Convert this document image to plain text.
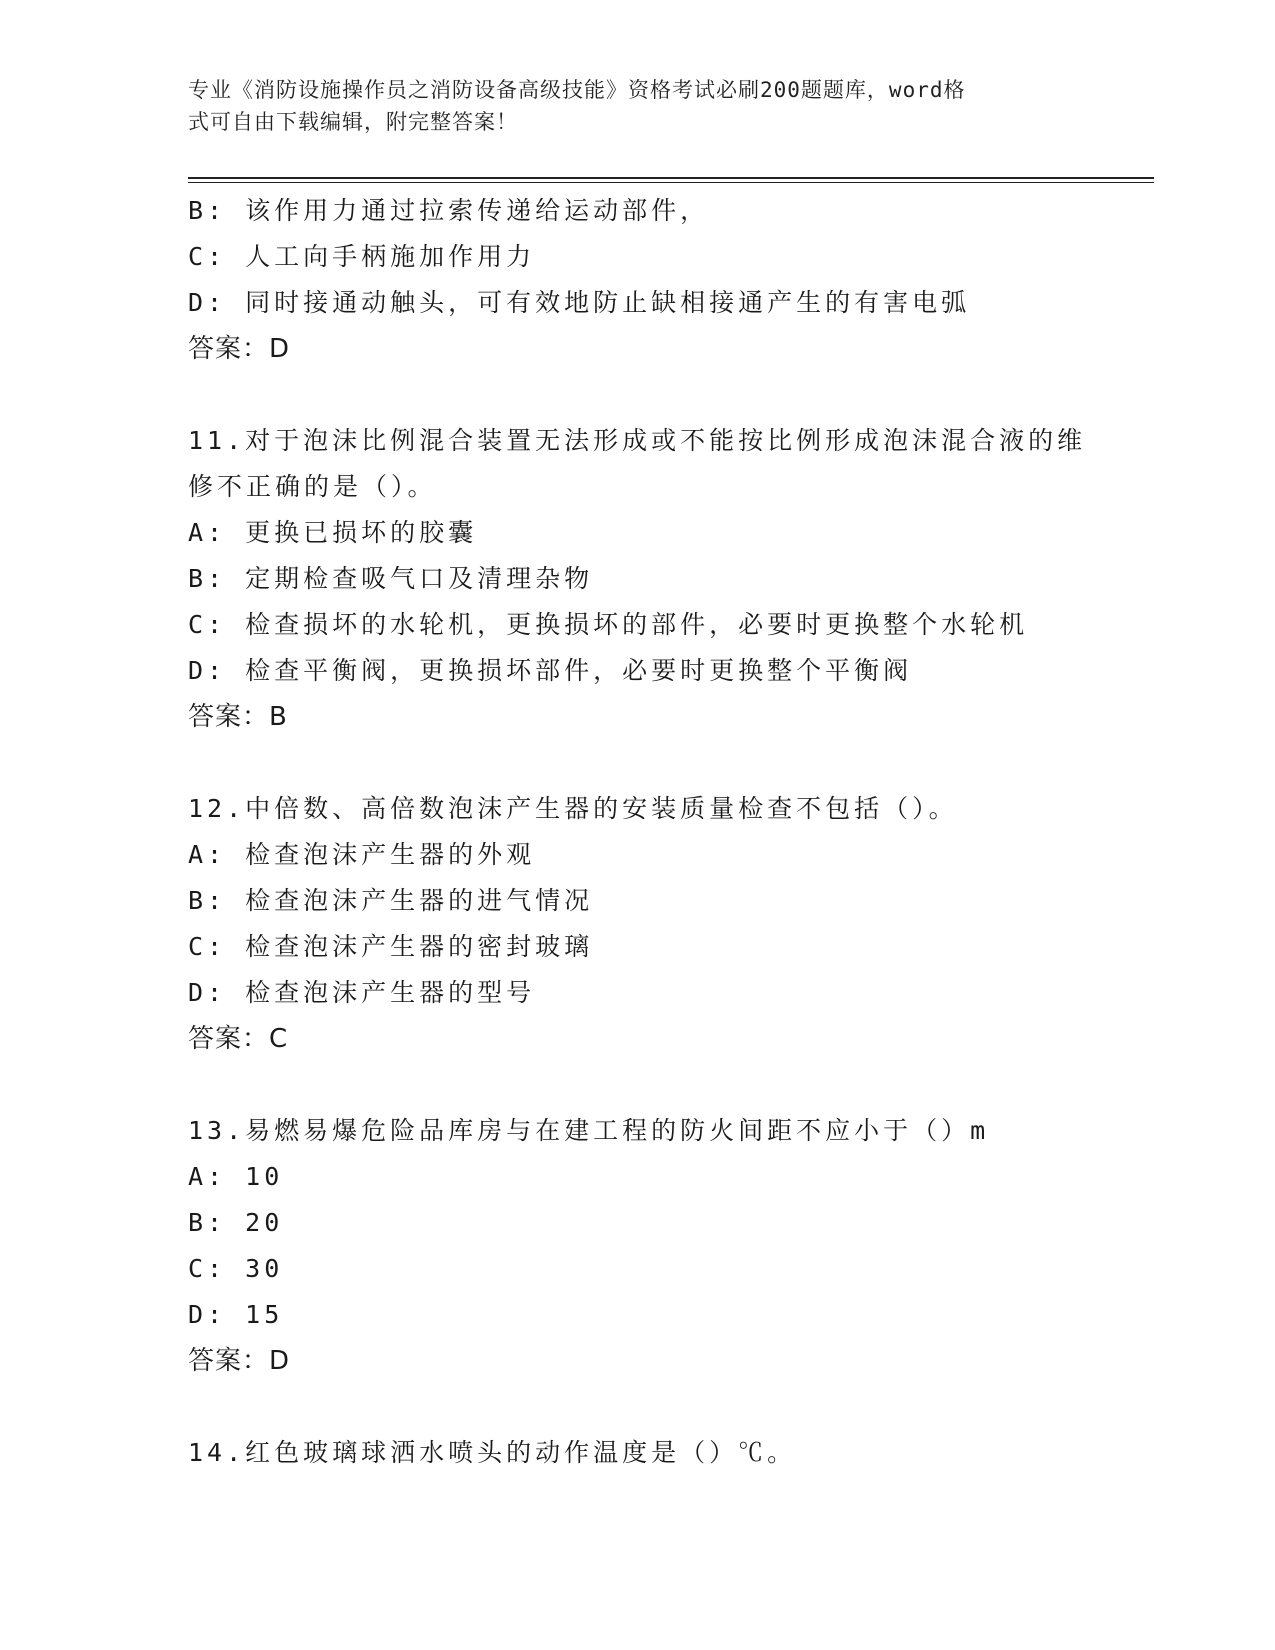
专业《消防设施操作员之消防设备高级技能》资格考试必刷200题题库，word格
式可自由下载编辑，附完整答案！
B: 该作用力通过拉索传递给运动部件，
C: 人工向手柄施加作用力
D: 同时接通动触头，可有效地防止缺相接通产生的有害电弧
答案：D
11.对于泡沫比例混合装置无法形成或不能按比例形成泡沫混合液的维
修不正确的是（）。
A: 更换已损坏的胶囊
B: 定期检查吸气口及清理杂物
C: 检查损坏的水轮机，更换损坏的部件，必要时更换整个水轮机
D: 检查平衡阀，更换损坏部件，必要时更换整个平衡阀
答案：B
12.中倍数、高倍数泡沫产生器的安装质量检查不包括（）。
A: 检查泡沫产生器的外观
B: 检查泡沫产生器的进气情况
C: 检查泡沫产生器的密封玻璃
D: 检查泡沫产生器的型号
答案：C
13.易燃易爆危险品库房与在建工程的防火间距不应小于（）m
A: 10
B: 20
C: 30
D: 15
答案：D
14.红色玻璃球洒水喷头的动作温度是（）℃。
